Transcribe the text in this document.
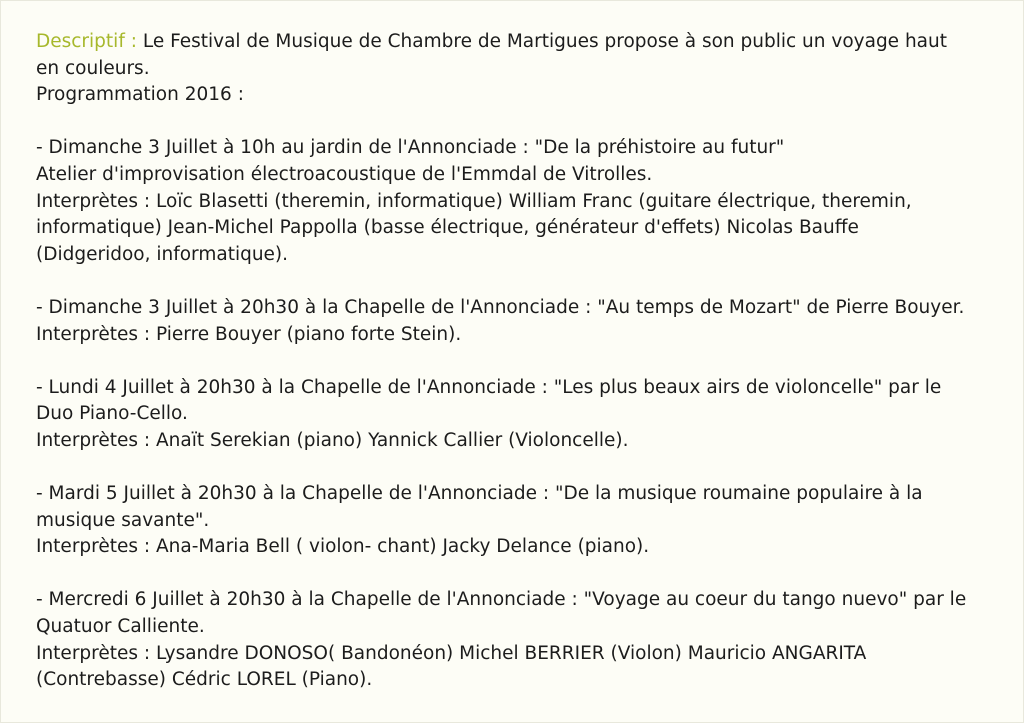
Descriptif : Le Festival de Musique de Chambre de Martigues propose à son public un voyage haut
en couleurs.
Programmation 2016 :
- Dimanche 3 Juillet à 10h au jardin de l'Annonciade : "De la préhistoire au futur"
Atelier d'improvisation électroacoustique de l'Emmdal de Vitrolles.
Interprètes : Loïc Blasetti (theremin, informatique) William Franc (guitare électrique, theremin,
informatique) Jean-Michel Pappolla (basse électrique, générateur d'effets) Nicolas Bauffe
(Didgeridoo, informatique).
- Dimanche 3 Juillet à 20h30 à la Chapelle de l'Annonciade : "Au temps de Mozart" de Pierre Bouyer.
Interprètes : Pierre Bouyer (piano forte Stein).
- Lundi 4 Juillet à 20h30 à la Chapelle de l'Annonciade : "Les plus beaux airs de violoncelle" par le
Duo Piano-Cello.
Interprètes : Anaït Serekian (piano) Yannick Callier (Violoncelle).
- Mardi 5 Juillet à 20h30 à la Chapelle de l'Annonciade : "De la musique roumaine populaire à la
musique savante".
Interprètes : Ana-Maria Bell ( violon- chant) Jacky Delance (piano).
- Mercredi 6 Juillet à 20h30 à la Chapelle de l'Annonciade : "Voyage au coeur du tango nuevo" par le
Quatuor Calliente.
Interprètes : Lysandre DONOSO( Bandonéon) Michel BERRIER (Violon) Mauricio ANGARITA
(Contrebasse) Cédric LOREL (Piano).
